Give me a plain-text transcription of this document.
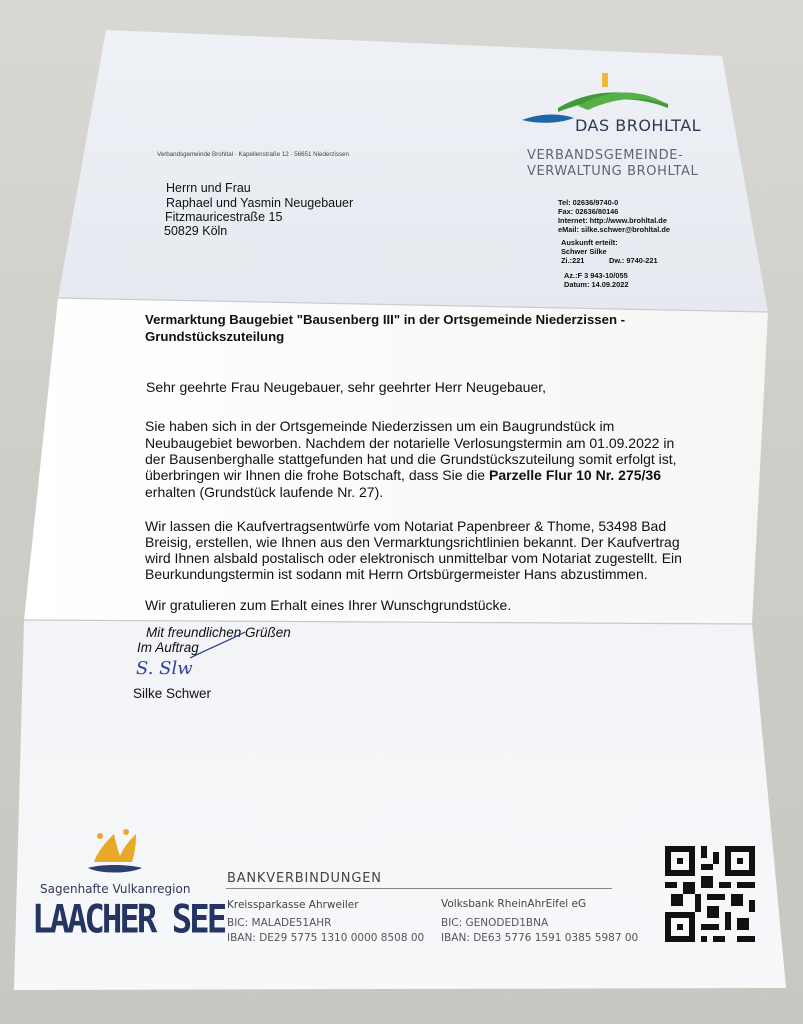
DAS BROHLTAL
VERBANDSGEMEINDE-
VERWALTUNG BROHLTAL
Verbandsgemeinde Brohltal · Kapellenstraße 12 · 56651 Niederzissen
Herrn und Frau
Raphael und Yasmin Neugebauer
Fitzmauricestraße 15
50829 Köln
Tel: 02636/9740-0
Fax: 02636/80146
Internet: http://www.brohltal.de
eMail: silke.schwer@brohltal.de
Auskunft erteilt:
Schwer Silke
Zi.:221	Dw.: 9740-221
Az.:F 3 943-10/055
Datum: 14.09.2022
Vermarktung Baugebiet "Bausenberg III" in der Ortsgemeinde Niederzissen -
Grundstückszuteilung
Sehr geehrte Frau Neugebauer, sehr geehrter Herr Neugebauer,
Sie haben sich in der Ortsgemeinde Niederzissen um ein Baugrundstück im
Neubaugebiet beworben. Nachdem der notarielle Verlosungstermin am 01.09.2022 in
der Bausenberghalle stattgefunden hat und die Grundstückszuteilung somit erfolgt ist,
überbringen wir Ihnen die frohe Botschaft, dass Sie die Parzelle Flur 10 Nr. 275/36
erhalten (Grundstück laufende Nr. 27).
Wir lassen die Kaufvertragsentwürfe vom Notariat Papenbreer & Thome, 53498 Bad
Breisig, erstellen, wie Ihnen aus den Vermarktungsrichtlinien bekannt. Der Kaufvertrag
wird Ihnen alsbald postalisch oder elektronisch unmittelbar vom Notariat zugestellt. Ein
Beurkundungstermin ist sodann mit Herrn Ortsbürgermeister Hans abzustimmen.
Wir gratulieren zum Erhalt eines Ihrer Wunschgrundstücke.
Mit freundlichen Grüßen
Im Auftrag
S. Slw
Silke Schwer
Sagenhafte Vulkanregion
LAACHER SEE
BANKVERBINDUNGEN
Kreissparkasse Ahrweiler
BIC: MALADE51AHR
IBAN: DE29 5775 1310 0000 8508 00
Volksbank RheinAhrEifel eG
BIC: GENODED1BNA
IBAN: DE63 5776 1591 0385 5987 00
